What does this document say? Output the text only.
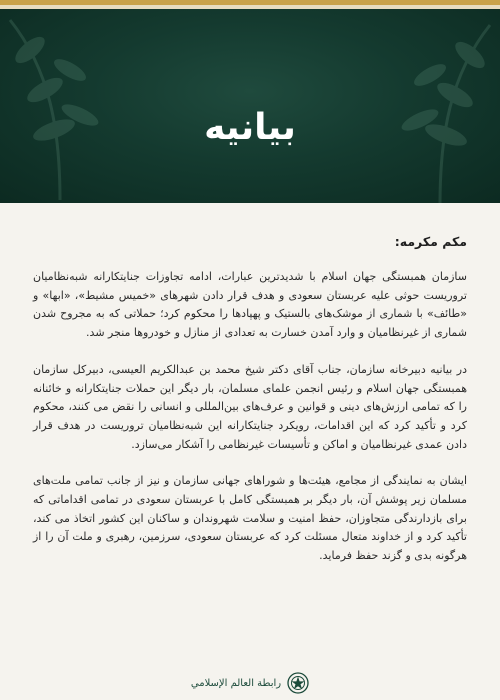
بیانیه

مکم مکرمه:

سازمان همبستگی جهان اسلام با شدیدترین عبارات، ادامه تجاوزات جنایتکارانه شبه‌نظامیان تروریست حوثی علیه عربستان سعودی و هدف قرار دادن شهرهای «خمیس مشیط»، «ابها» و «طائف» با شماری از موشک‌های بالستیک و پهپادها را محکوم کرد؛ حملاتی که به مجروح شدن شماری از غیرنظامیان و وارد آمدن خسارت به تعدادی از منازل و خودروها منجر شد.

در بیانیه دبیرخانه سازمان، جناب آقای دکتر شیخ محمد بن عبدالکریم العیسی، دبیرکل سازمان همبستگی جهان اسلام و رئیس انجمن علمای مسلمان، بار دیگر این حملات جنایتکارانه و خائنانه را که تمامی ارزش‌های دینی و قوانین و عرف‌های بین‌المللی و انسانی را نقض می کنند، محکوم کرد و تأکید کرد که این اقدامات، رویکرد جنایتکارانه این شبه‌نظامیان تروریست در هدف قرار دادن عمدی غیرنظامیان و اماکن و تأسیسات غیرنظامی را آشکار می‌سازد.

ایشان به نمایندگی از مجامع، هیئت‌ها و شوراهای جهانی سازمان و نیز از جانب تمامی ملت‌های مسلمان زیر پوشش آن، بار دیگر بر همبستگی کامل با عربستان سعودی در تمامی اقداماتی که برای بازدارندگی متجاوزان، حفظ امنیت و سلامت شهروندان و ساکنان این کشور اتخاذ می کند، تأکید کرد و از خداوند متعال مسئلت کرد که عربستان سعودی، سرزمین، رهبری و ملت آن را از هرگونه بدی و گزند حفظ فرماید.

رابطة العالم الإسلامي
